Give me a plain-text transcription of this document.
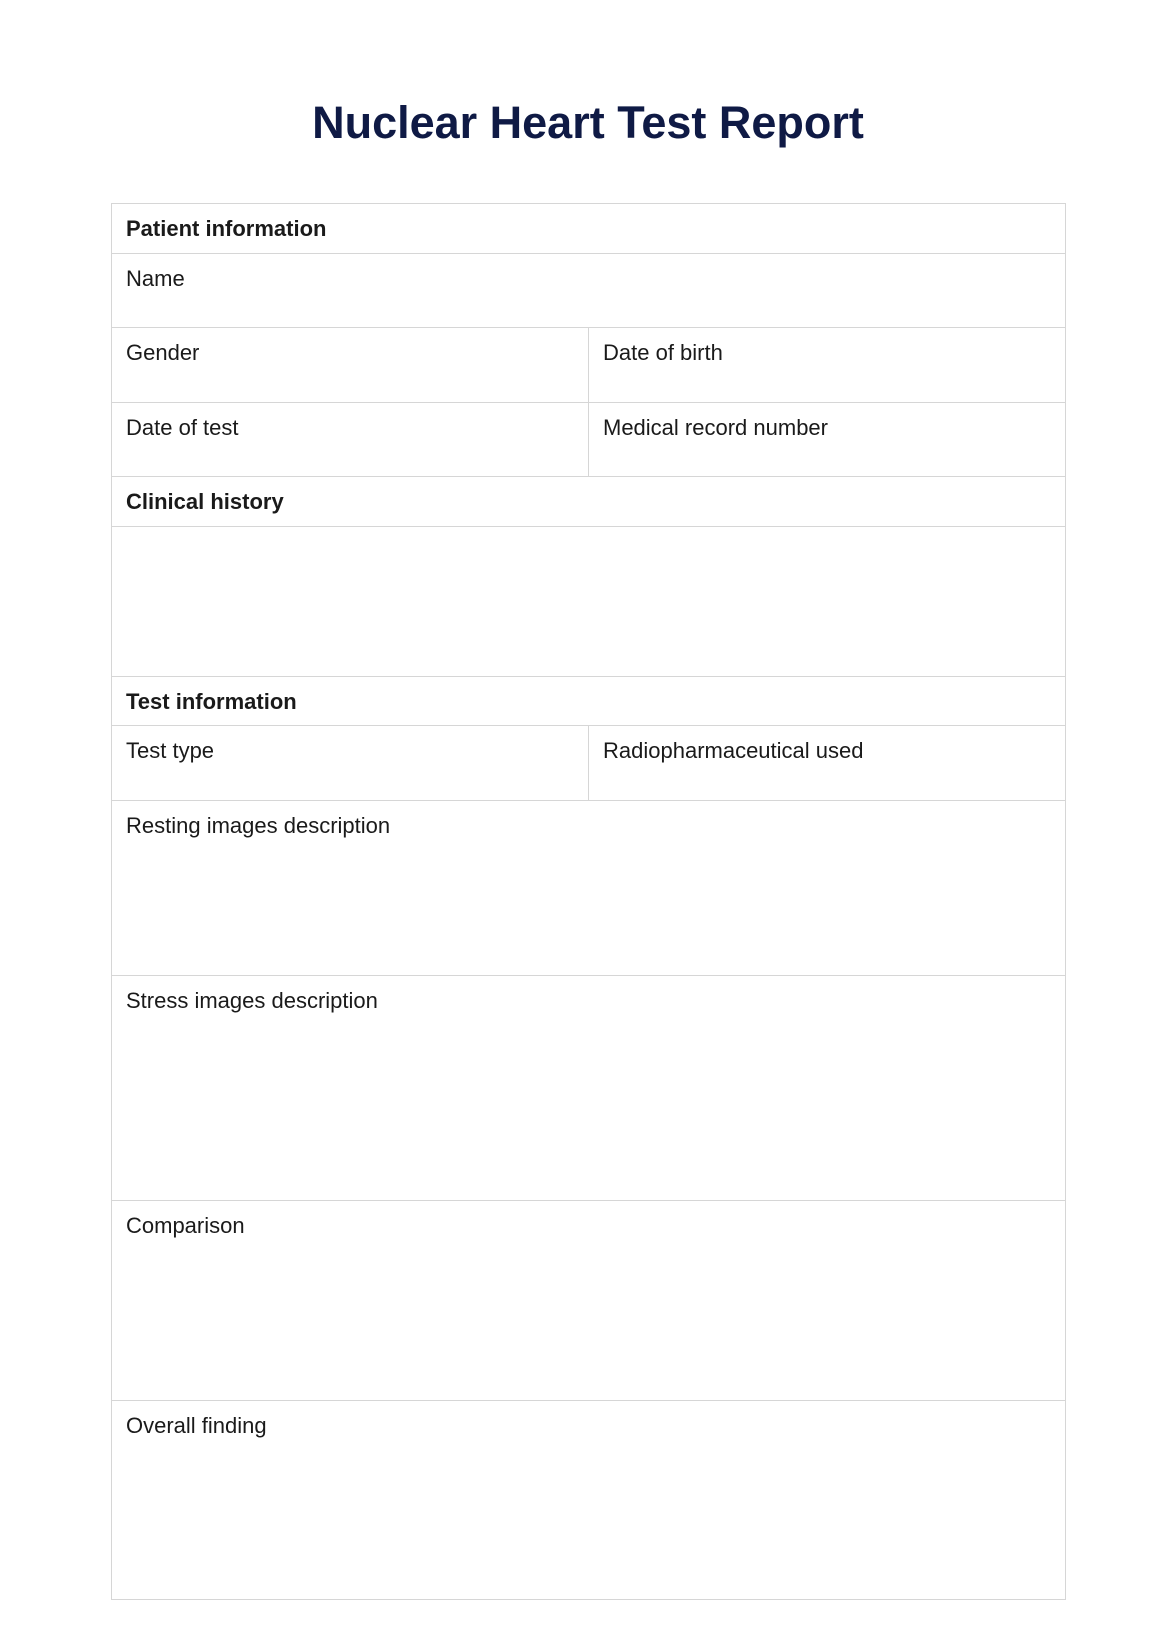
Nuclear Heart Test Report
Patient information	
Name	
Gender	Date of birth
Date of test	Medical record number
Clinical history	

Test information	
Test type	Radiopharmaceutical used
Resting images description	
Stress images description	
Comparison	
Overall finding	
